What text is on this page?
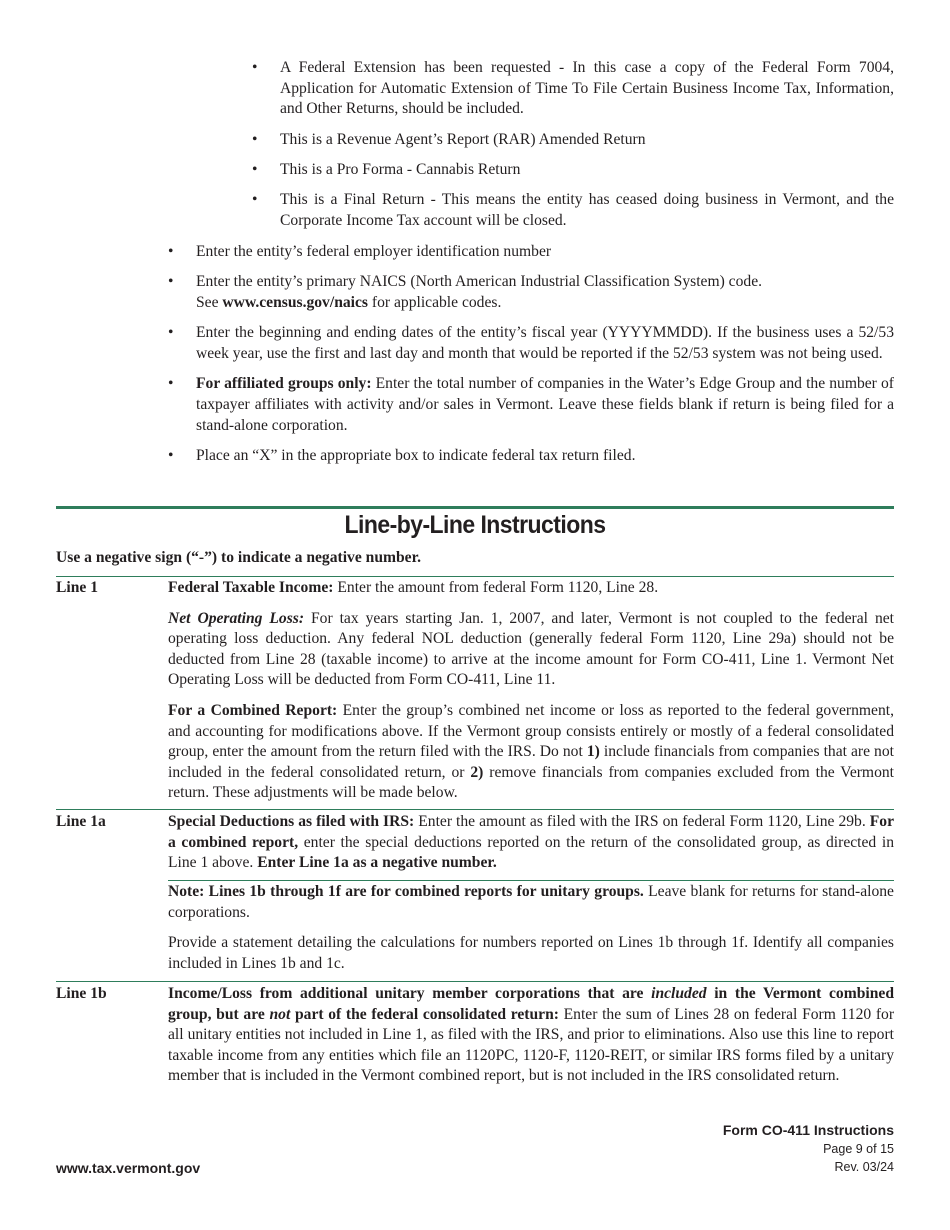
• A Federal Extension has been requested - In this case a copy of the Federal Form 7004, Application for Automatic Extension of Time To File Certain Business Income Tax, Information, and Other Returns, should be included.
• This is a Revenue Agent’s Report (RAR) Amended Return
• This is a Pro Forma - Cannabis Return
• This is a Final Return - This means the entity has ceased doing business in Vermont, and the Corporate Income Tax account will be closed.
• Enter the entity’s federal employer identification number
• Enter the entity’s primary NAICS (North American Industrial Classification System) code.
See www.census.gov/naics for applicable codes.
• Enter the beginning and ending dates of the entity’s fiscal year (YYYYMMDD). If the business uses a 52/53 week year, use the first and last day and month that would be reported if the 52/53 system was not being used.
• For affiliated groups only: Enter the total number of companies in the Water’s Edge Group and the number of taxpayer affiliates with activity and/or sales in Vermont. Leave these fields blank if return is being filed for a stand-alone corporation.
• Place an “X” in the appropriate box to indicate federal tax return filed.
Line-by-Line Instructions
Use a negative sign (“-”) to indicate a negative number.
Line 1	Federal Taxable Income: Enter the amount from federal Form 1120, Line 28.

Net Operating Loss: For tax years starting Jan. 1, 2007, and later, Vermont is not coupled to the federal net operating loss deduction. Any federal NOL deduction (generally federal Form 1120, Line 29a) should not be deducted from Line 28 (taxable income) to arrive at the income amount for Form CO-411, Line 1. Vermont Net Operating Loss will be deducted from Form CO-411, Line 11.

For a Combined Report: Enter the group’s combined net income or loss as reported to the federal government, and accounting for modifications above. If the Vermont group consists entirely or mostly of a federal consolidated group, enter the amount from the return filed with the IRS. Do not 1) include financials from companies that are not included in the federal consolidated return, or 2) remove financials from companies excluded from the Vermont return. These adjustments will be made below.

Line 1a	Special Deductions as filed with IRS: Enter the amount as filed with the IRS on federal Form 1120, Line 29b. For a combined report, enter the special deductions reported on the return of the consolidated group, as directed in Line 1 above. Enter Line 1a as a negative number.

Note: Lines 1b through 1f are for combined reports for unitary groups. Leave blank for returns for stand-alone corporations.

Provide a statement detailing the calculations for numbers reported on Lines 1b through 1f. Identify all companies included in Lines 1b and 1c.

Line 1b	Income/Loss from additional unitary member corporations that are included in the Vermont combined group, but are not part of the federal consolidated return: Enter the sum of Lines 28 on federal Form 1120 for all unitary entities not included in Line 1, as filed with the IRS, and prior to eliminations. Also use this line to report taxable income from any entities which file an 1120PC, 1120-F, 1120-REIT, or similar IRS forms filed by a unitary member that is included in the Vermont combined report, but is not included in the IRS consolidated return.

Form CO-411 Instructions
Page 9 of 15
Rev. 03/24
www.tax.vermont.gov
